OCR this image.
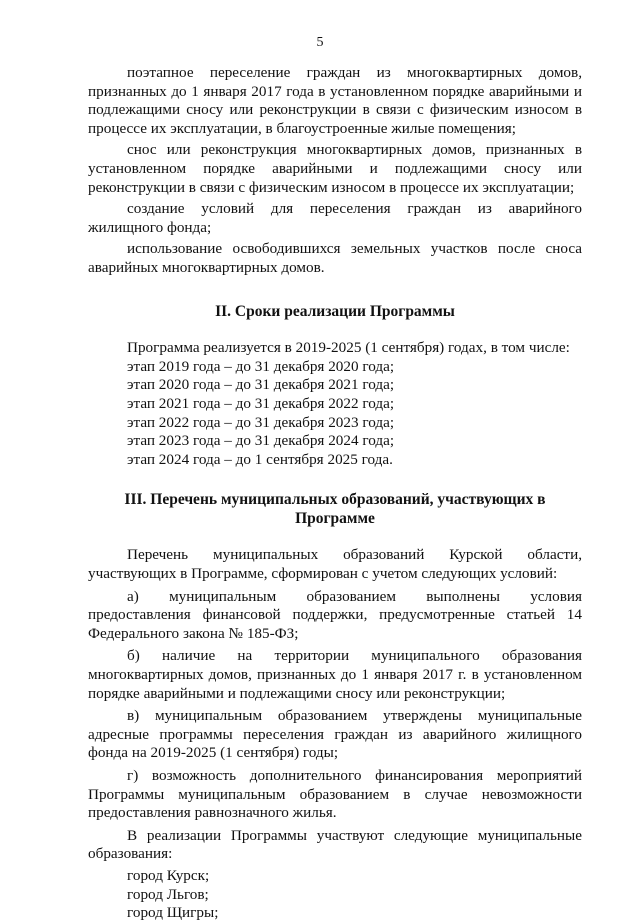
5

поэтапное переселение граждан из многоквартирных домов, признанных до 1 января 2017 года в установленном порядке аварийными и подлежащими сносу или реконструкции в связи с физическим износом в процессе их эксплуатации, в благоустроенные жилые помещения;

снос или реконструкция многоквартирных домов, признанных в установленном порядке аварийными и подлежащими сносу или реконструкции в связи с физическим износом в процессе их эксплуатации;

создание условий для переселения граждан из аварийного жилищного фонда;

использование освободившихся земельных участков после сноса аварийных многоквартирных домов.

II. Сроки реализации Программы

Программа реализуется в 2019-2025 (1 сентября) годах, в том числе:

этап 2019 года – до 31 декабря 2020 года;

этап 2020 года – до 31 декабря 2021 года;

этап 2021 года – до 31 декабря 2022 года;

этап 2022 года – до 31 декабря 2023 года;

этап 2023 года – до 31 декабря 2024 года;

этап 2024 года – до 1 сентября 2025 года.

III. Перечень муниципальных образований, участвующих в

Программе

Перечень муниципальных образований Курской области, участвующих в Программе, сформирован с учетом следующих условий:

а) муниципальным образованием выполнены условия предоставления финансовой поддержки, предусмотренные статьей 14 Федерального закона № 185-ФЗ;

б) наличие на территории муниципального образования многоквартирных домов, признанных до 1 января 2017 г. в установленном порядке аварийными и подлежащими сносу или реконструкции;

в) муниципальным образованием утверждены муниципальные адресные программы переселения граждан из аварийного жилищного фонда на 2019-2025 (1 сентября) годы;

г) возможность дополнительного финансирования мероприятий Программы муниципальным образованием в случае невозможности предоставления равнозначного жилья.

В реализации Программы участвуют следующие муниципальные образования:

город Курск;

город Льгов;

город Щигры;
